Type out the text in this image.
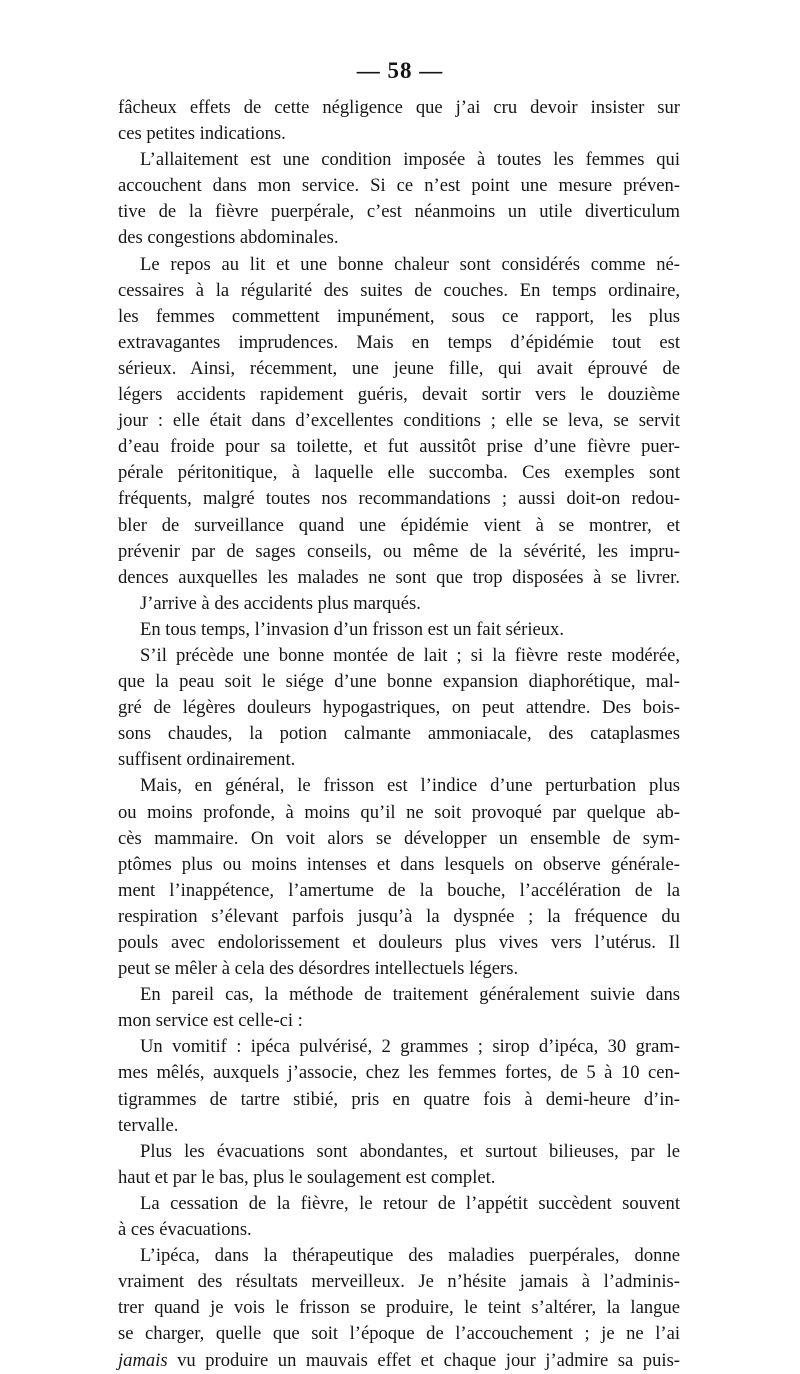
— 58 —
fâcheux effets de cette négligence que j’ai cru devoir insister sur
ces petites indications.
L’allaitement est une condition imposée à toutes les femmes qui
accouchent dans mon service. Si ce n’est point une mesure préven-
tive de la fièvre puerpérale, c’est néanmoins un utile diverticulum
des congestions abdominales.
Le repos au lit et une bonne chaleur sont considérés comme né-
cessaires à la régularité des suites de couches. En temps ordinaire,
les femmes commettent impunément, sous ce rapport, les plus
extravagantes imprudences. Mais en temps d’épidémie tout est
sérieux. Ainsi, récemment, une jeune fille, qui avait éprouvé de
légers accidents rapidement guéris, devait sortir vers le douzième
jour : elle était dans d’excellentes conditions ; elle se leva, se servit
d’eau froide pour sa toilette, et fut aussitôt prise d’une fièvre puer-
pérale péritonitique, à laquelle elle succomba. Ces exemples sont
fréquents, malgré toutes nos recommandations ; aussi doit-on redou-
bler de surveillance quand une épidémie vient à se montrer, et
prévenir par de sages conseils, ou même de la sévérité, les impru-
dences auxquelles les malades ne sont que trop disposées à se livrer.
J’arrive à des accidents plus marqués.
En tous temps, l’invasion d’un frisson est un fait sérieux.
S’il précède une bonne montée de lait ; si la fièvre reste modérée,
que la peau soit le siége d’une bonne expansion diaphorétique, mal-
gré de légères douleurs hypogastriques, on peut attendre. Des bois-
sons chaudes, la potion calmante ammoniacale, des cataplasmes
suffisent ordinairement.
Mais, en général, le frisson est l’indice d’une perturbation plus
ou moins profonde, à moins qu’il ne soit provoqué par quelque ab-
cès mammaire. On voit alors se développer un ensemble de sym-
ptômes plus ou moins intenses et dans lesquels on observe générale-
ment l’inappétence, l’amertume de la bouche, l’accélération de la
respiration s’élevant parfois jusqu’à la dyspnée ; la fréquence du
pouls avec endolorissement et douleurs plus vives vers l’utérus. Il
peut se mêler à cela des désordres intellectuels légers.
En pareil cas, la méthode de traitement généralement suivie dans
mon service est celle-ci :
Un vomitif : ipéca pulvérisé, 2 grammes ; sirop d’ipéca, 30 gram-
mes mêlés, auxquels j’associe, chez les femmes fortes, de 5 à 10 cen-
tigrammes de tartre stibié, pris en quatre fois à demi-heure d’in-
tervalle.
Plus les évacuations sont abondantes, et surtout bilieuses, par le
haut et par le bas, plus le soulagement est complet.
La cessation de la fièvre, le retour de l’appétit succèdent souvent
à ces évacuations.
L’ipéca, dans la thérapeutique des maladies puerpérales, donne
vraiment des résultats merveilleux. Je n’hésite jamais à l’adminis-
trer quand je vois le frisson se produire, le teint s’altérer, la langue
se charger, quelle que soit l’époque de l’accouchement ; je ne l’ai
jamais vu produire un mauvais effet et chaque jour j’admire sa puis-
